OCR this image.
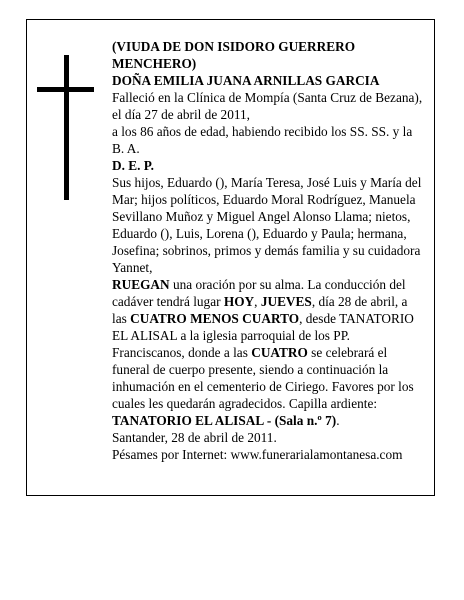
(VIUDA DE DON ISIDORO GUERRERO MENCHERO)

DOÑA EMILIA JUANA ARNILLAS GARCIA

Falleció en la Clínica de Mompía (Santa Cruz de Bezana), el día 27 de abril de 2011,

a los 86 años de edad, habiendo recibido los SS. SS. y la B. A.

D. E. P.

Sus hijos, Eduardo (), María Teresa, José Luis y María del Mar; hijos políticos, Eduardo Moral Rodríguez, Manuela Sevillano Muñoz y Miguel Angel Alonso Llama; nietos, Eduardo (), Luis, Lorena (), Eduardo y Paula; hermana, Josefina; sobrinos, primos y demás familia y su cuidadora Yannet,

RUEGAN una oración por su alma. La conducción del cadáver tendrá lugar HOY, JUEVES, día 28 de abril, a las CUATRO MENOS CUARTO, desde TANATORIO EL ALISAL a la iglesia parroquial de los PP. Franciscanos, donde a las CUATRO se celebrará el funeral de cuerpo presente, siendo a continuación la inhumación en el cementerio de Ciriego. Favores por los cuales les quedarán agradecidos. Capilla ardiente: TANATORIO EL ALISAL - (Sala n.º 7).

Santander, 28 de abril de 2011.

Pésames por Internet: www.funerarialamontanesa.com
